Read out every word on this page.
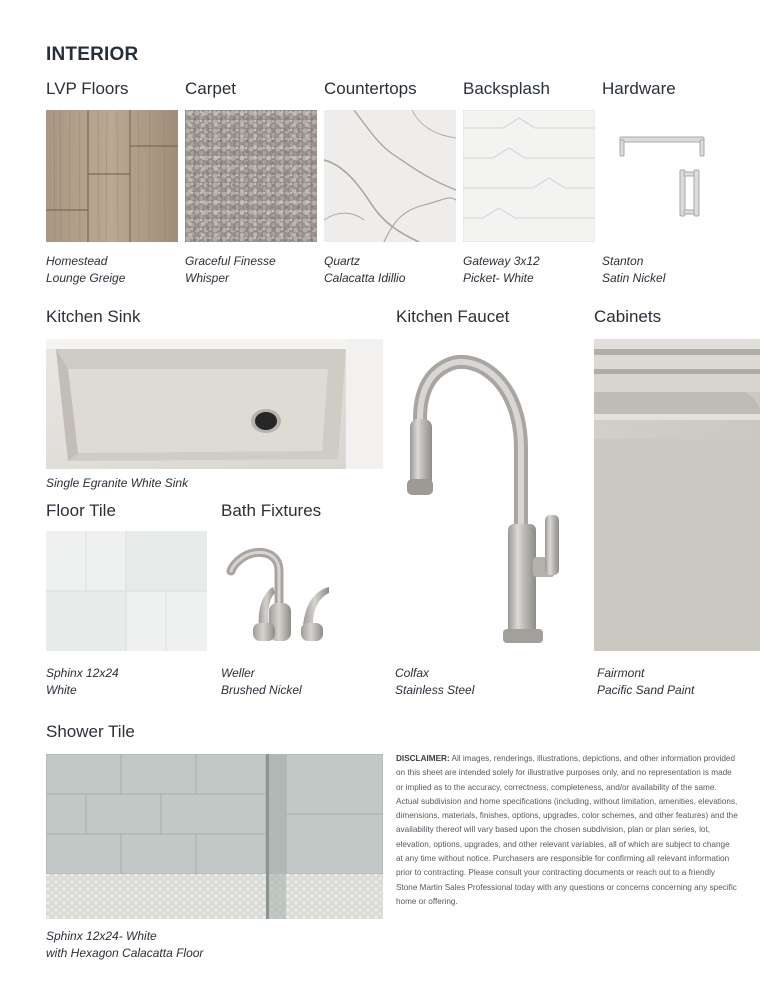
INTERIOR
LVP Floors	Carpet	Countertops	Backsplash	Hardware
Homestead
Lounge Greige
Graceful Finesse
Whisper
Quartz
Calacatta Idillio
Gateway 3x12
Picket- White
Stanton
Satin Nickel
Kitchen Sink	Kitchen Faucet	Cabinets
Single Egranite White Sink
Floor Tile	Bath Fixtures
Sphinx 12x24
White
Weller
Brushed Nickel
Colfax
Stainless Steel
Fairmont
Pacific Sand Paint
Shower Tile
Sphinx 12x24- White
with Hexagon Calacatta Floor
DISCLAIMER: All images, renderings, illustrations, depictions, and other information provided on this sheet are intended solely for illustrative purposes only, and no representation is made or implied as to the accuracy, correctness, completeness, and/or availability of the same. Actual subdivision and home specifications (including, without limitation, amenities, elevations, dimensions, materials, finishes, options, upgrades, color schemes, and other features) and the availability thereof will vary based upon the chosen subdivision, plan or plan series, lot, elevation, options, upgrades, and other relevant variables, all of which are subject to change at any time without notice. Purchasers are responsible for confirming all relevant information prior to contracting. Please consult your contracting documents or reach out to a friendly Stone Martin Sales Professional today with any questions or concerns concerning any specific home or offering.
